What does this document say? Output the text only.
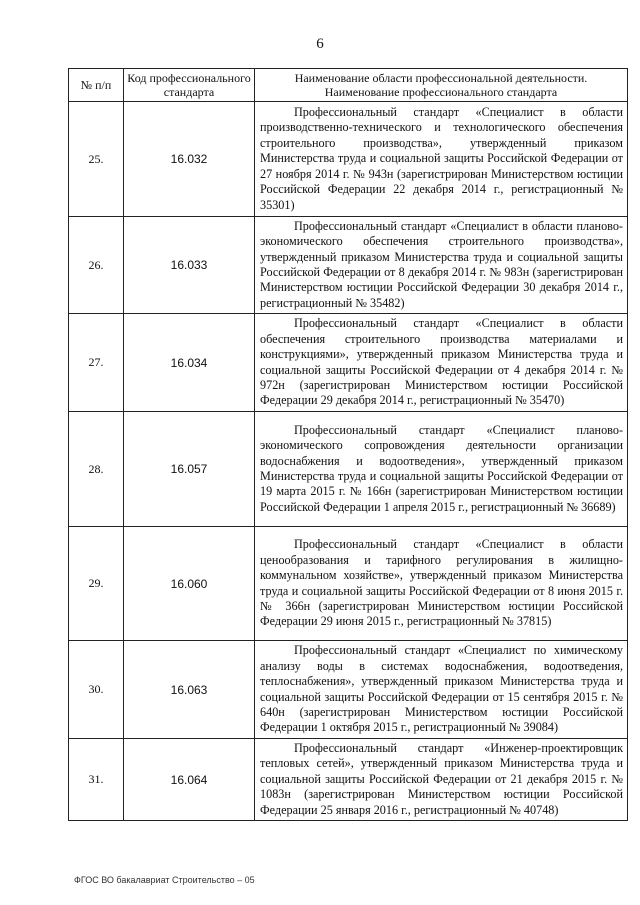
6
№ п/п	Код профессионального стандарта	Наименование области профессиональной деятельности. Наименование профессионального стандарта
25.	16.032	Профессиональный стандарт «Специалист в области производственно-технического и технологического обеспечения строительного производства», утвержденный приказом Министерства труда и социальной защиты Российской Федерации от 27 ноября 2014 г. № 943н (зарегистрирован Министерством юстиции Российской Федерации 22 декабря 2014 г., регистрационный № 35301)

26.	16.033	Профессиональный стандарт «Специалист в области планово-экономического обеспечения строительного производства», утвержденный приказом Министерства труда и социальной защиты Российской Федерации от 8 декабря 2014 г. № 983н (зарегистрирован Министерством юстиции Российской Федерации 30 декабря 2014 г., регистрационный № 35482)

27.	16.034	Профессиональный стандарт «Специалист в области обеспечения строительного производства материалами и конструкциями», утвержденный приказом Министерства труда и социальной защиты Российской Федерации от 4 декабря 2014 г. № 972н (зарегистрирован Министерством юстиции Российской Федерации 29 декабря 2014 г., регистрационный № 35470)

28.	16.057	Профессиональный стандарт «Специалист планово-экономического сопровождения деятельности организации водоснабжения и водоотведения», утвержденный приказом Министерства труда и социальной защиты Российской Федерации от 19 марта 2015 г. № 166н (зарегистрирован Министерством юстиции Российской Федерации 1 апреля 2015 г., регистрационный № 36689)

29.	16.060	Профессиональный стандарт «Специалист в области ценообразования и тарифного регулирования в жилищно-коммунальном хозяйстве», утвержденный приказом Министерства труда и социальной защиты Российской Федерации от 8 июня 2015 г. № 366н (зарегистрирован Министерством юстиции Российской Федерации 29 июня 2015 г., регистрационный № 37815)

30.	16.063	Профессиональный стандарт «Специалист по химическому анализу воды в системах водоснабжения, водоотведения, теплоснабжения», утвержденный приказом Министерства труда и социальной защиты Российской Федерации от 15 сентября 2015 г. № 640н (зарегистрирован Министерством юстиции Российской Федерации 1 октября 2015 г., регистрационный № 39084)

31.	16.064	Профессиональный стандарт «Инженер-проектировщик тепловых сетей», утвержденный приказом Министерства труда и социальной защиты Российской Федерации от 21 декабря 2015 г. № 1083н (зарегистрирован Министерством юстиции Российской Федерации 25 января 2016 г., регистрационный № 40748)
ФГОС ВО бакалавриат Строительство – 05
